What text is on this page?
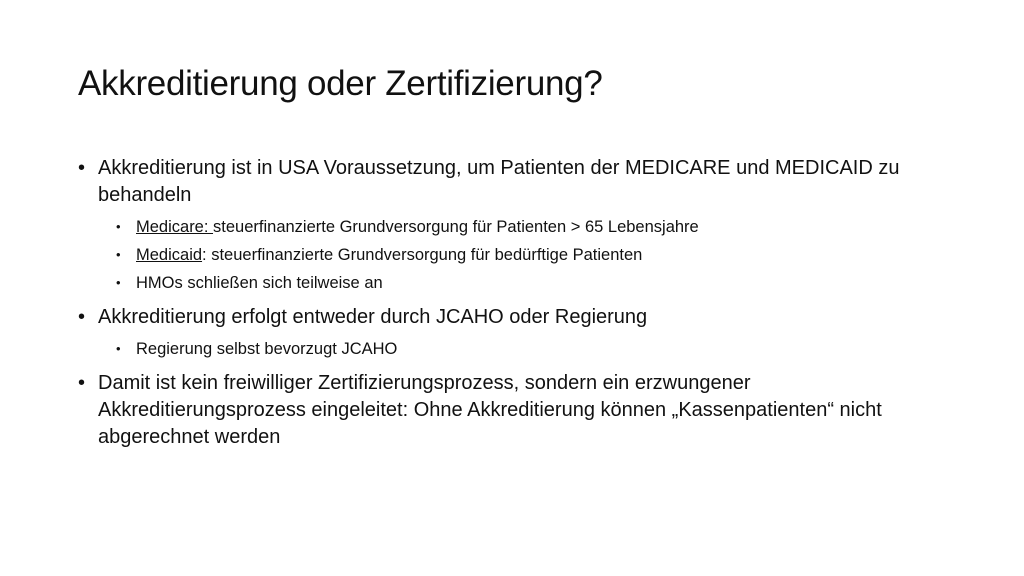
Akkreditierung oder Zertifizierung?

• Akkreditierung ist in USA Voraussetzung, um Patienten der MEDICARE und MEDICAID zu behandeln

• Medicare: steuerfinanzierte Grundversorgung für Patienten > 65 Lebensjahre
• Medicaid: steuerfinanzierte Grundversorgung für bedürftige Patienten
• HMOs schließen sich teilweise an

• Akkreditierung erfolgt entweder durch JCAHO oder Regierung

• Regierung selbst bevorzugt JCAHO

• Damit ist kein freiwilliger Zertifizierungsprozess, sondern ein erzwungener Akkreditierungsprozess eingeleitet: Ohne Akkreditierung können „Kassenpatienten“ nicht abgerechnet werden
